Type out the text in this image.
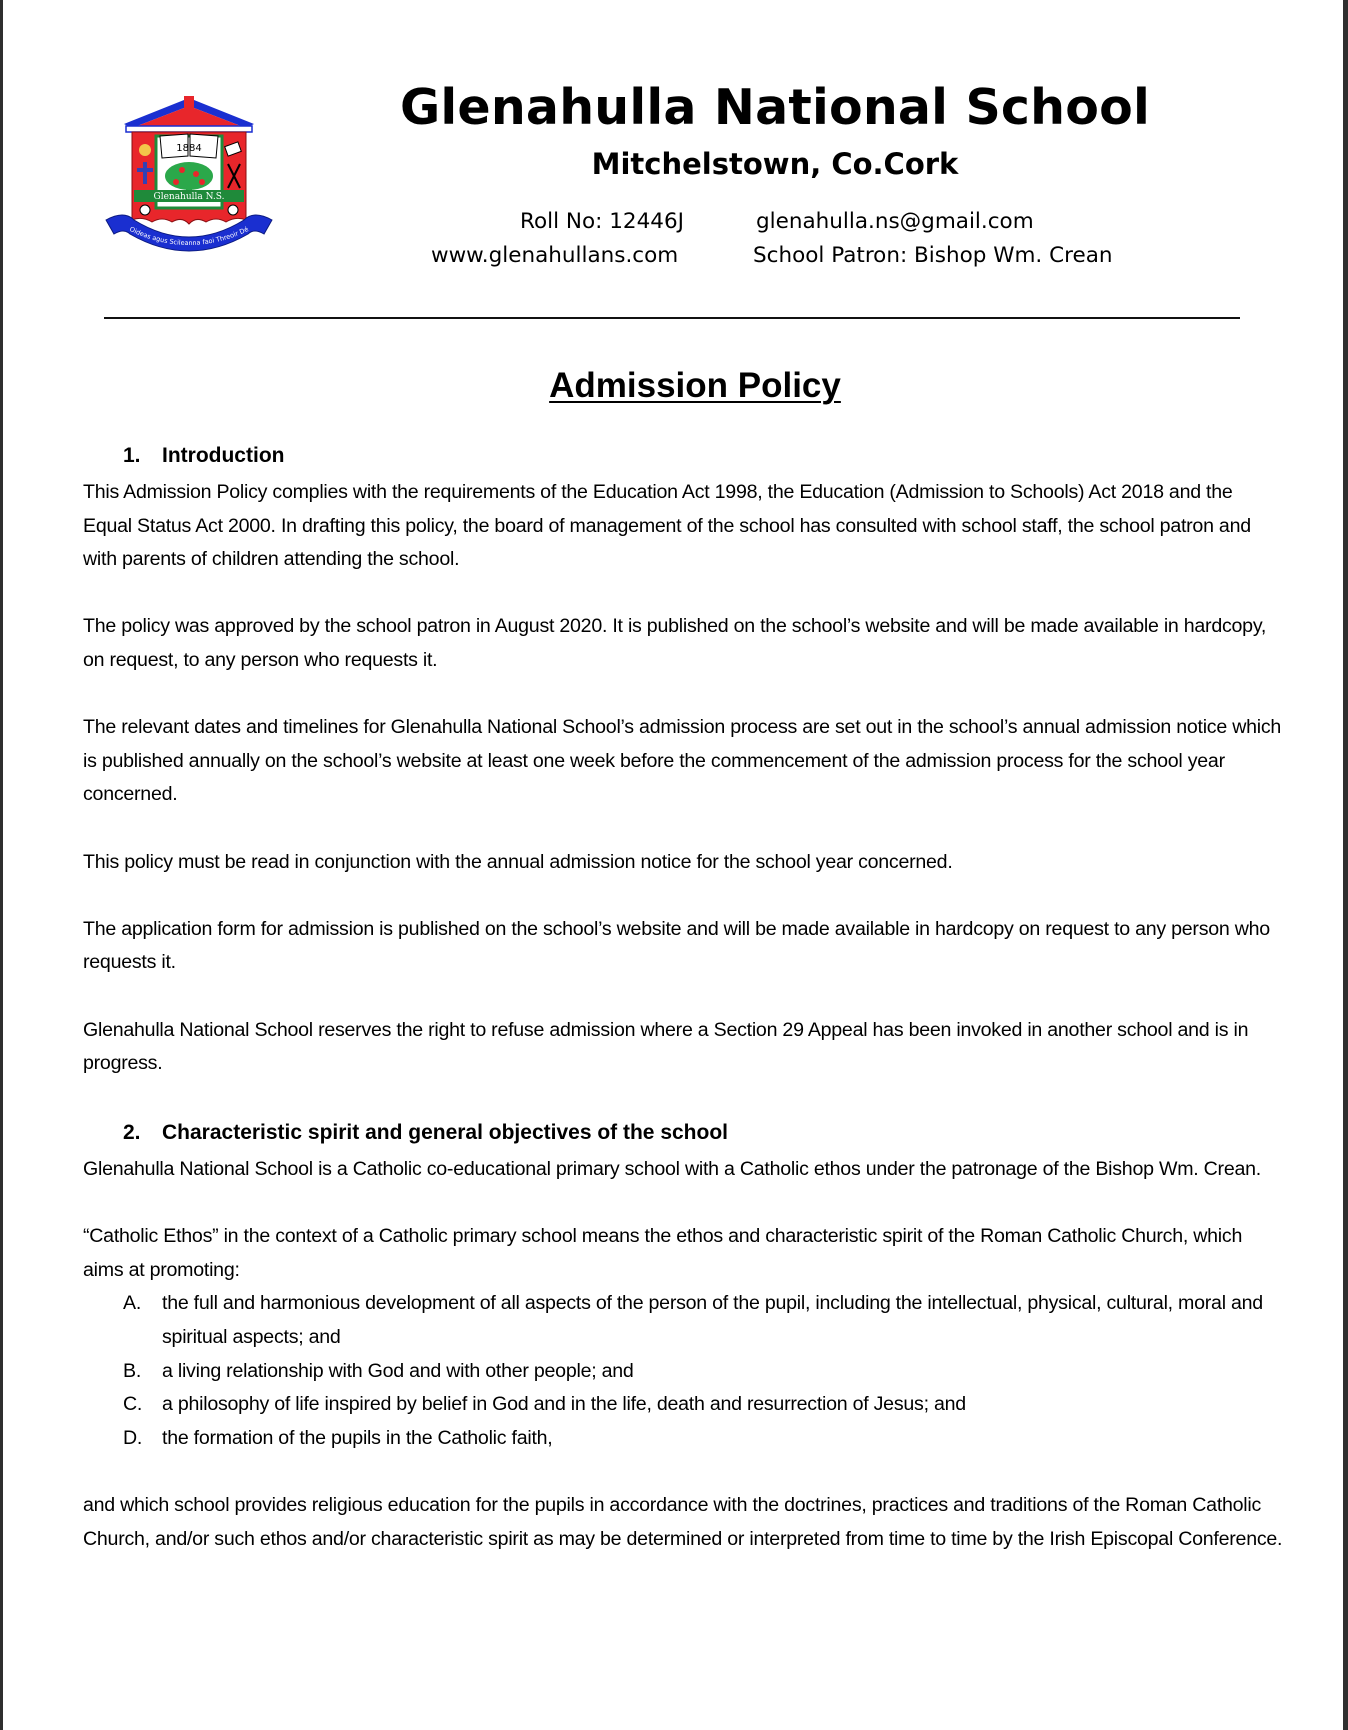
1884
Glenahulla N.S.
Oideas agus Scileanna faoi Threoir Dé
Glenahulla National School
Mitchelstown, Co.Cork
Roll No: 12446J	glenahulla.ns@gmail.com
www.glenahullans.com	School Patron: Bishop Wm. Crean
Admission Policy
1. Introduction

This Admission Policy complies with the requirements of the Education Act 1998, the Education (Admission to Schools) Act 2018 and the Equal Status Act 2000. In drafting this policy, the board of management of the school has consulted with school staff, the school patron and with parents of children attending the school.

The policy was approved by the school patron in August 2020. It is published on the school’s website and will be made available in hardcopy, on request, to any person who requests it.

The relevant dates and timelines for Glenahulla National School’s admission process are set out in the school’s annual admission notice which is published annually on the school’s website at least one week before the commencement of the admission process for the school year concerned.

This policy must be read in conjunction with the annual admission notice for the school year concerned.

The application form for admission is published on the school’s website and will be made available in hardcopy on request to any person who requests it.

Glenahulla National School reserves the right to refuse admission where a Section 29 Appeal has been invoked in another school and is in progress.

2. Characteristic spirit and general objectives of the school

Glenahulla National School is a Catholic co-educational primary school with a Catholic ethos under the patronage of the Bishop Wm. Crean.

“Catholic Ethos” in the context of a Catholic primary school means the ethos and characteristic spirit of the Roman Catholic Church, which aims at promoting:

A. the full and harmonious development of all aspects of the person of the pupil, including the intellectual, physical, cultural, moral and spiritual aspects; and
B. a living relationship with God and with other people; and
C. a philosophy of life inspired by belief in God and in the life, death and resurrection of Jesus; and
D. the formation of the pupils in the Catholic faith,

and which school provides religious education for the pupils in accordance with the doctrines, practices and traditions of the Roman Catholic Church, and/or such ethos and/or characteristic spirit as may be determined or interpreted from time to time by the Irish Episcopal Conference.
